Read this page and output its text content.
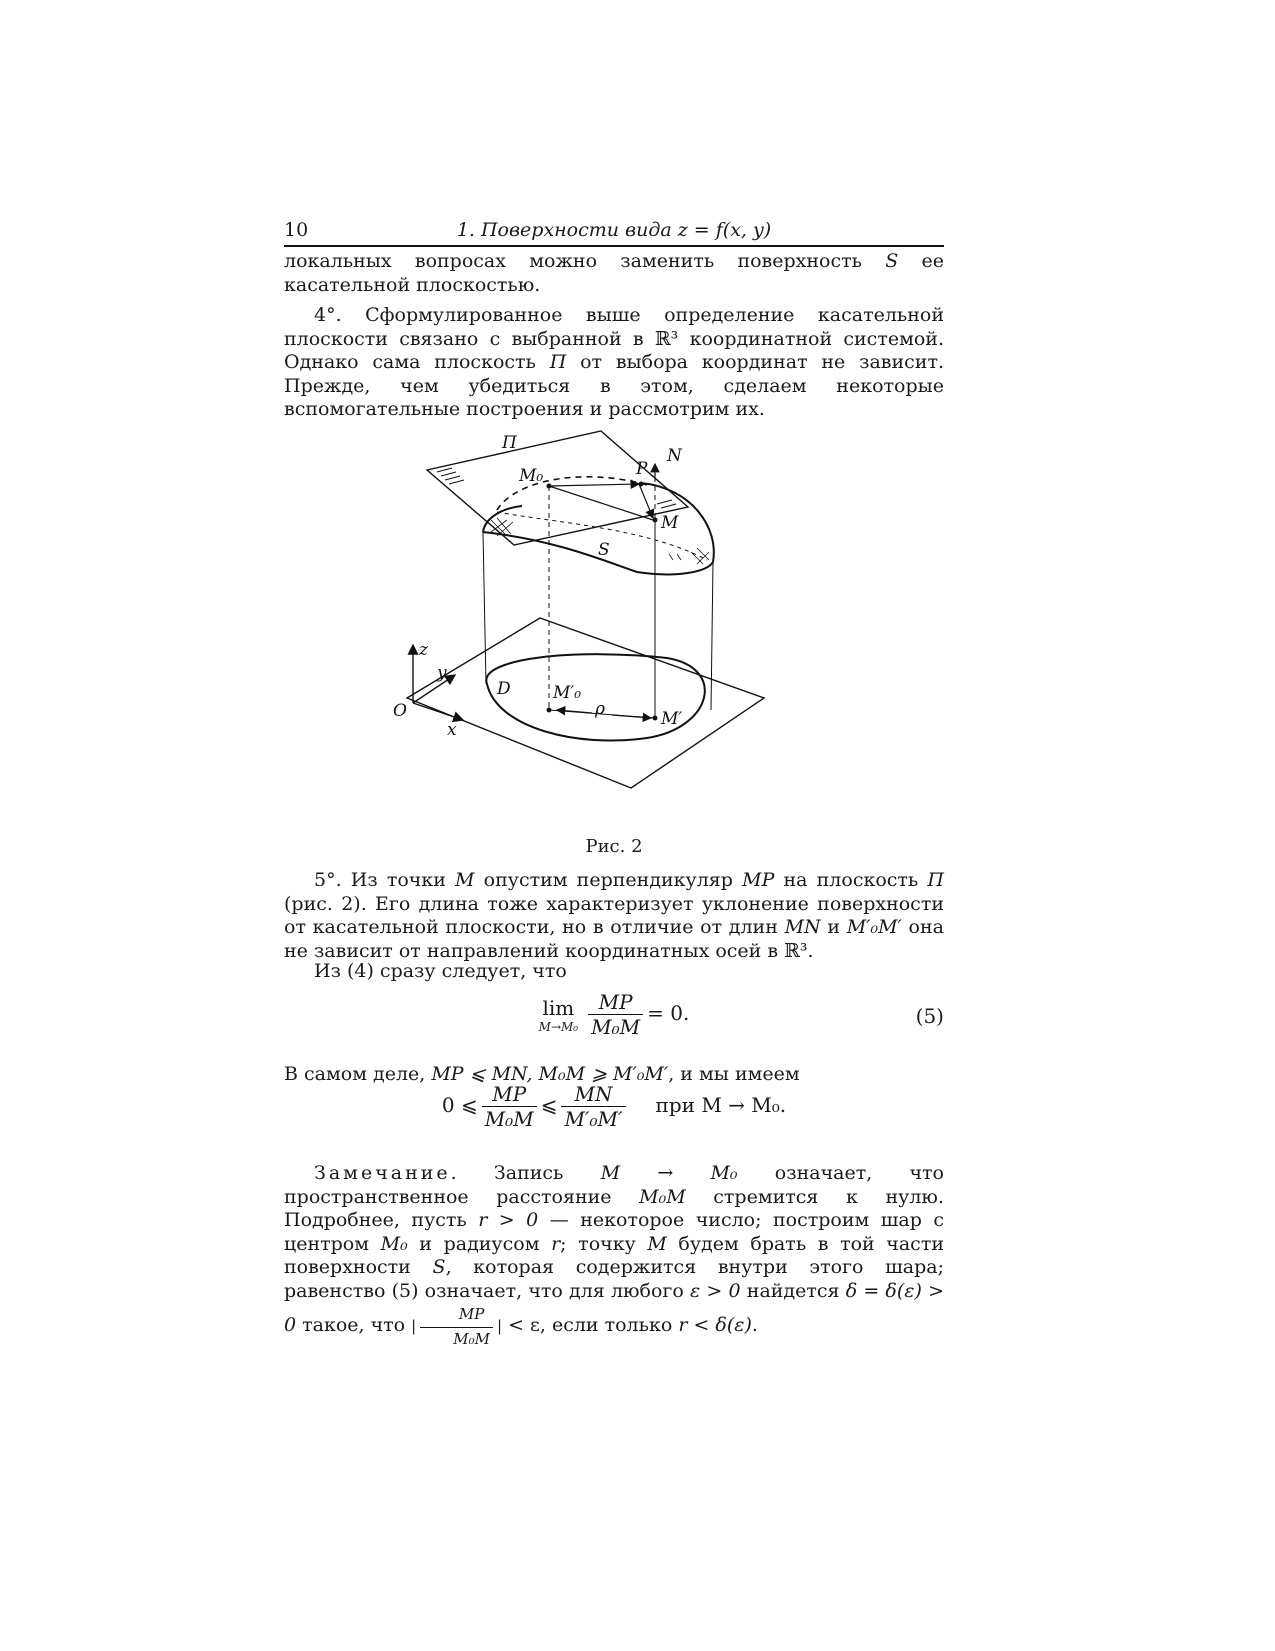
10	1. Поверхности вида z = f(x, y)
локальных вопросах можно заменить поверхность S ее касательной плоскостью.
4°. Сформулированное выше определение касательной плоскости связано с выбранной в ℝ³ координатной системой. Однако сама плоскость Π от выбора координат не зависит. Прежде, чем убедиться в этом, сделаем некоторые вспомогательные построения и рассмотрим их.
Π
N
P
M₀
M
S
z
y
x
O
D M′₀
ρ	M′
Рис. 2
5°. Из точки M опустим перпендикуляр MP на плоскость Π (рис. 2). Его длина тоже характеризует уклонение поверхности от касательной плоскости, но в отличие от длин MN и M′₀M′ она не зависит от направлений координатных осей в ℝ³.
Из (4) сразу следует, что
lim
$M\to M_0 \frac{MP}{\text{M₀M}} = 0$.	(5)
В самом деле, MP ⩽ MN, M₀M ⩾ M′₀M′, и мы имеем
0 ⩽ $\frac{MP}{\text{M₀M}}$ ⩽ $\frac{MN}{\text{M′₀M′}}$ при M → M₀.
Замечание. Запись M → M₀ означает, что пространственное расстояние M₀M стремится к нулю. Подробнее, пусть r > 0 — некоторое число; построим шар с центром M₀ и радиусом r; точку M будем брать в той части поверхности S, которая содержится внутри этого шара; равенство (5) означает, что для любого ε > 0 найдется δ = δ(ε) > 0 такое, что | $\frac{MP}{\text{M₀M}}$ | < ε, если только r < δ(ε).
